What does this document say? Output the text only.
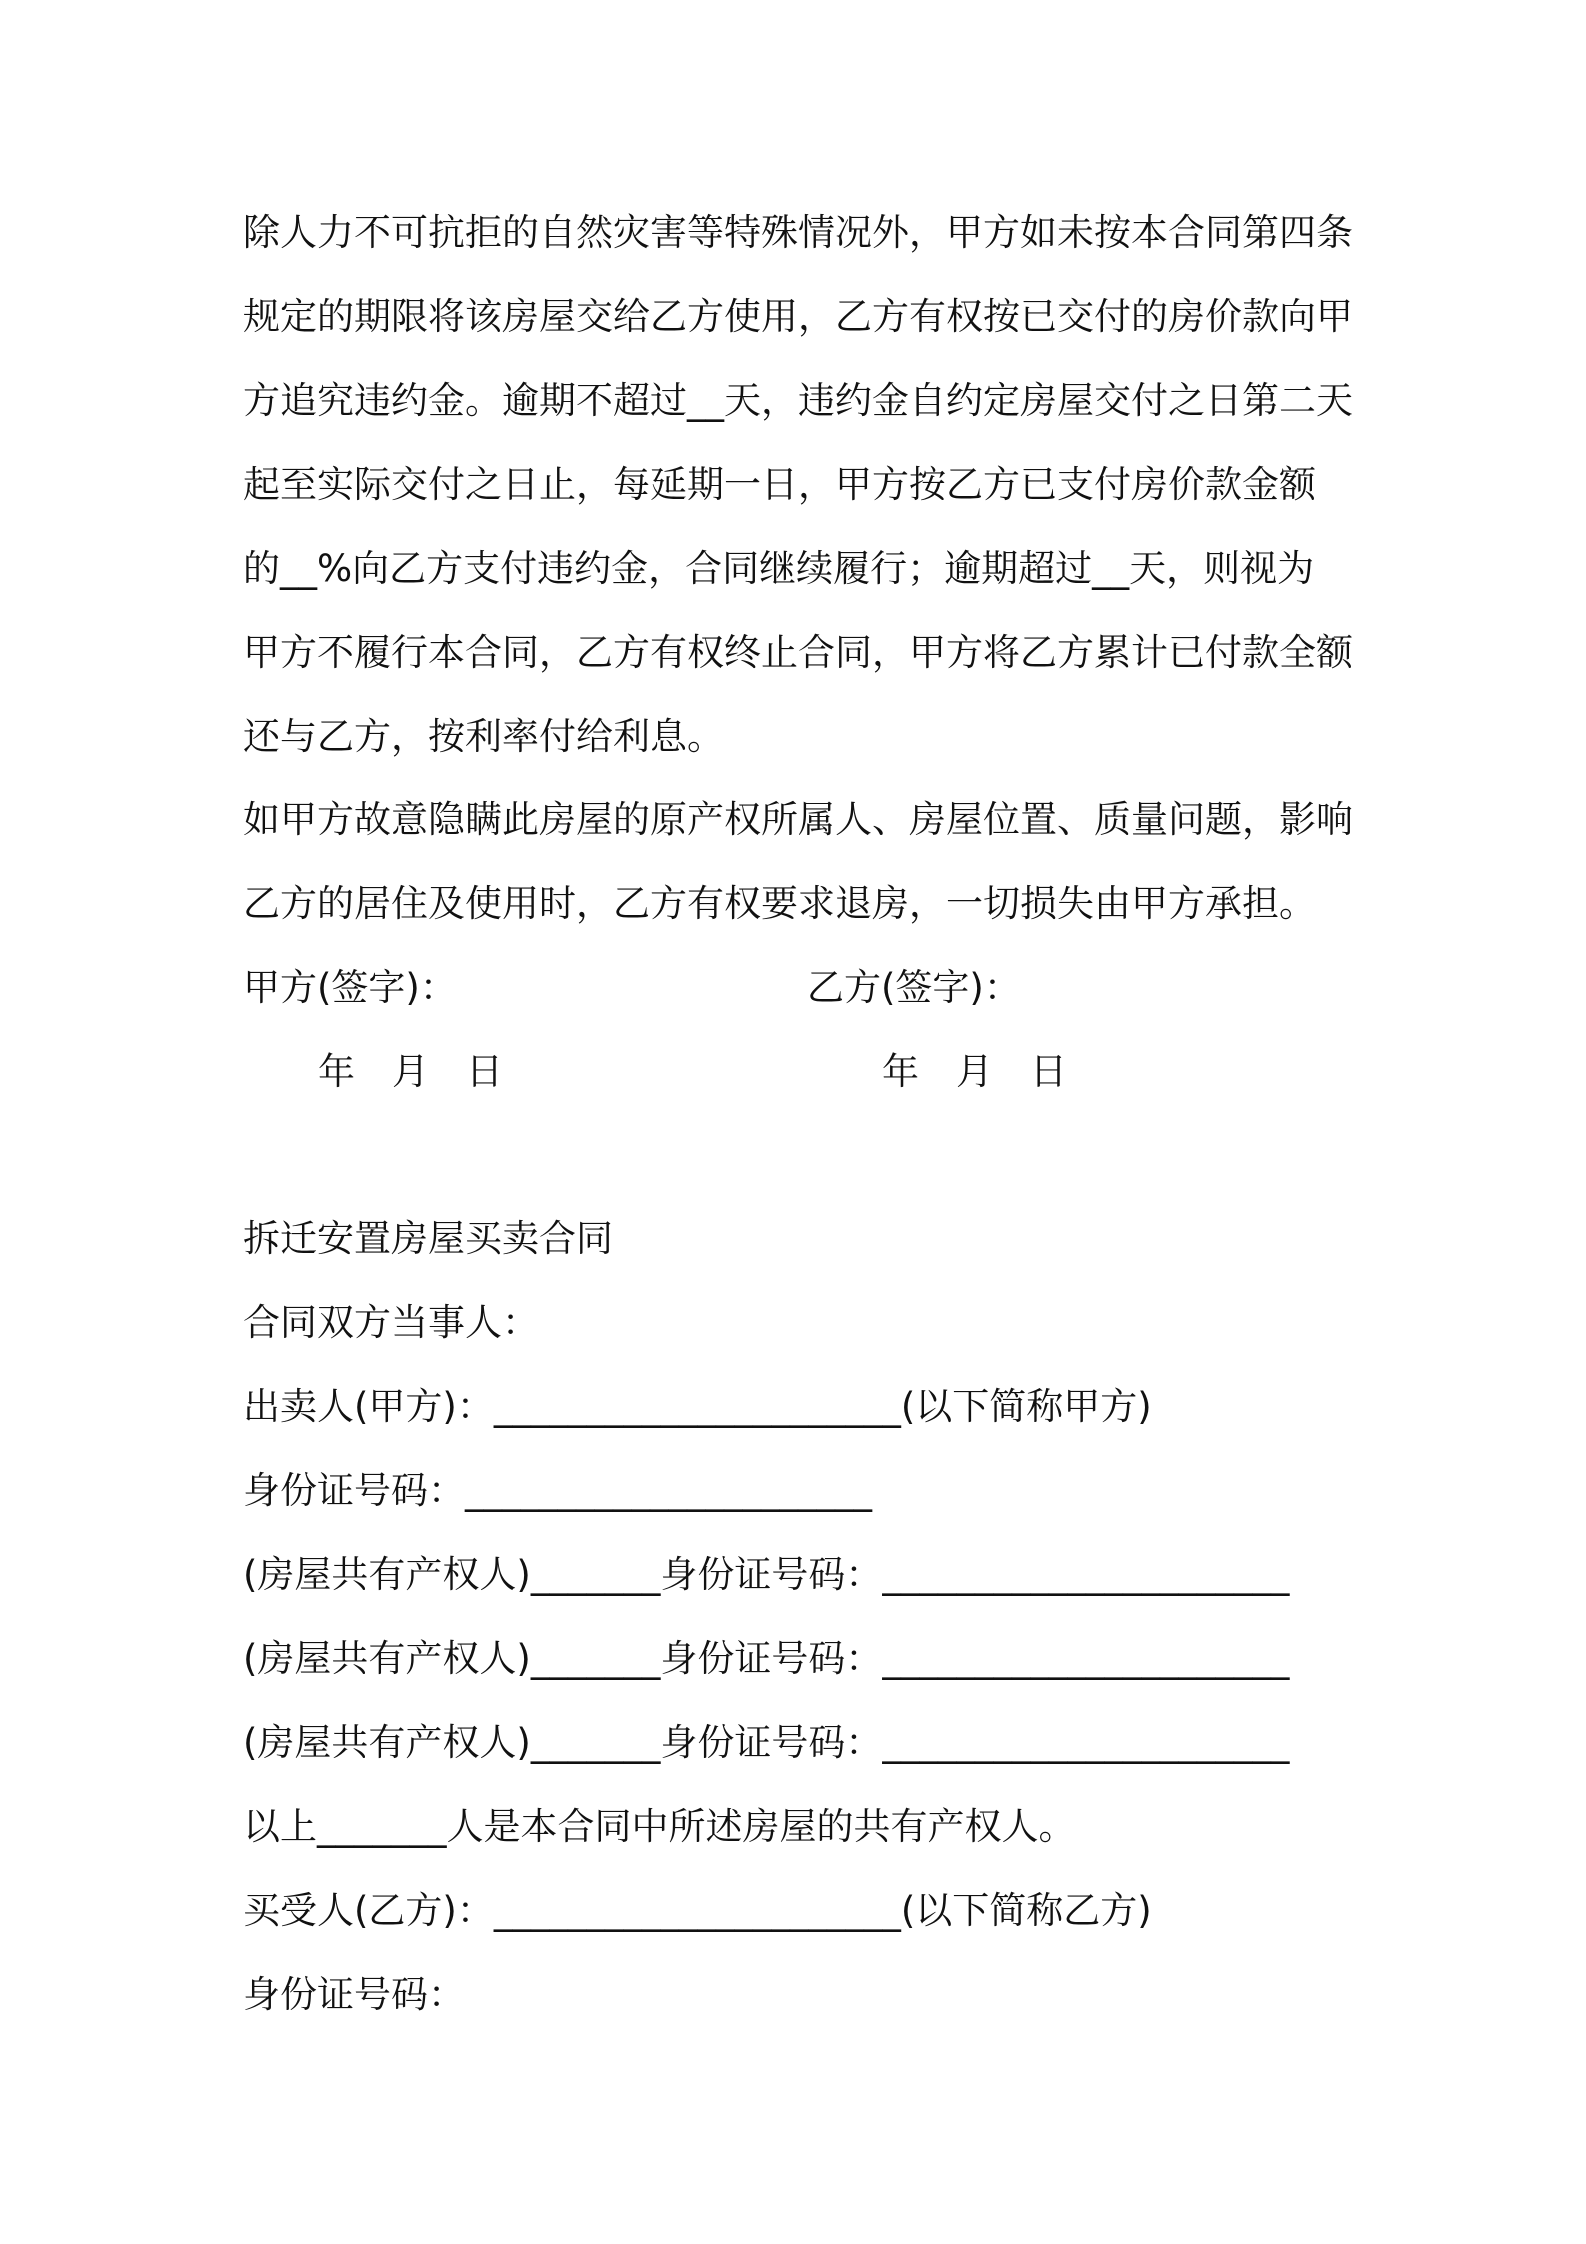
除人力不可抗拒的自然灾害等特殊情况外，甲方如未按本合同第四条
规定的期限将该房屋交给乙方使用，乙方有权按已交付的房价款向甲
方追究违约金。逾期不超过__天，违约金自约定房屋交付之日第二天
起至实际交付之日止，每延期一日，甲方按乙方已支付房价款金额
的__%向乙方支付违约金，合同继续履行；逾期超过__天，则视为
甲方不履行本合同，乙方有权终止合同，甲方将乙方累计已付款全额
还与乙方，按利率付给利息。
如甲方故意隐瞒此房屋的原产权所属人、房屋位置、质量问题，影响
乙方的居住及使用时，乙方有权要求退房，一切损失由甲方承担。
甲方(签字)：	乙方(签字)：
年　月　日	年　月　日
拆迁安置房屋买卖合同
合同双方当事人：
出卖人(甲方)：______________________(以下简称甲方)
身份证号码：______________________
(房屋共有产权人)_______身份证号码：______________________
(房屋共有产权人)_______身份证号码：______________________
(房屋共有产权人)_______身份证号码：______________________
以上_______人是本合同中所述房屋的共有产权人。
买受人(乙方)：______________________(以下简称乙方)
身份证号码：
